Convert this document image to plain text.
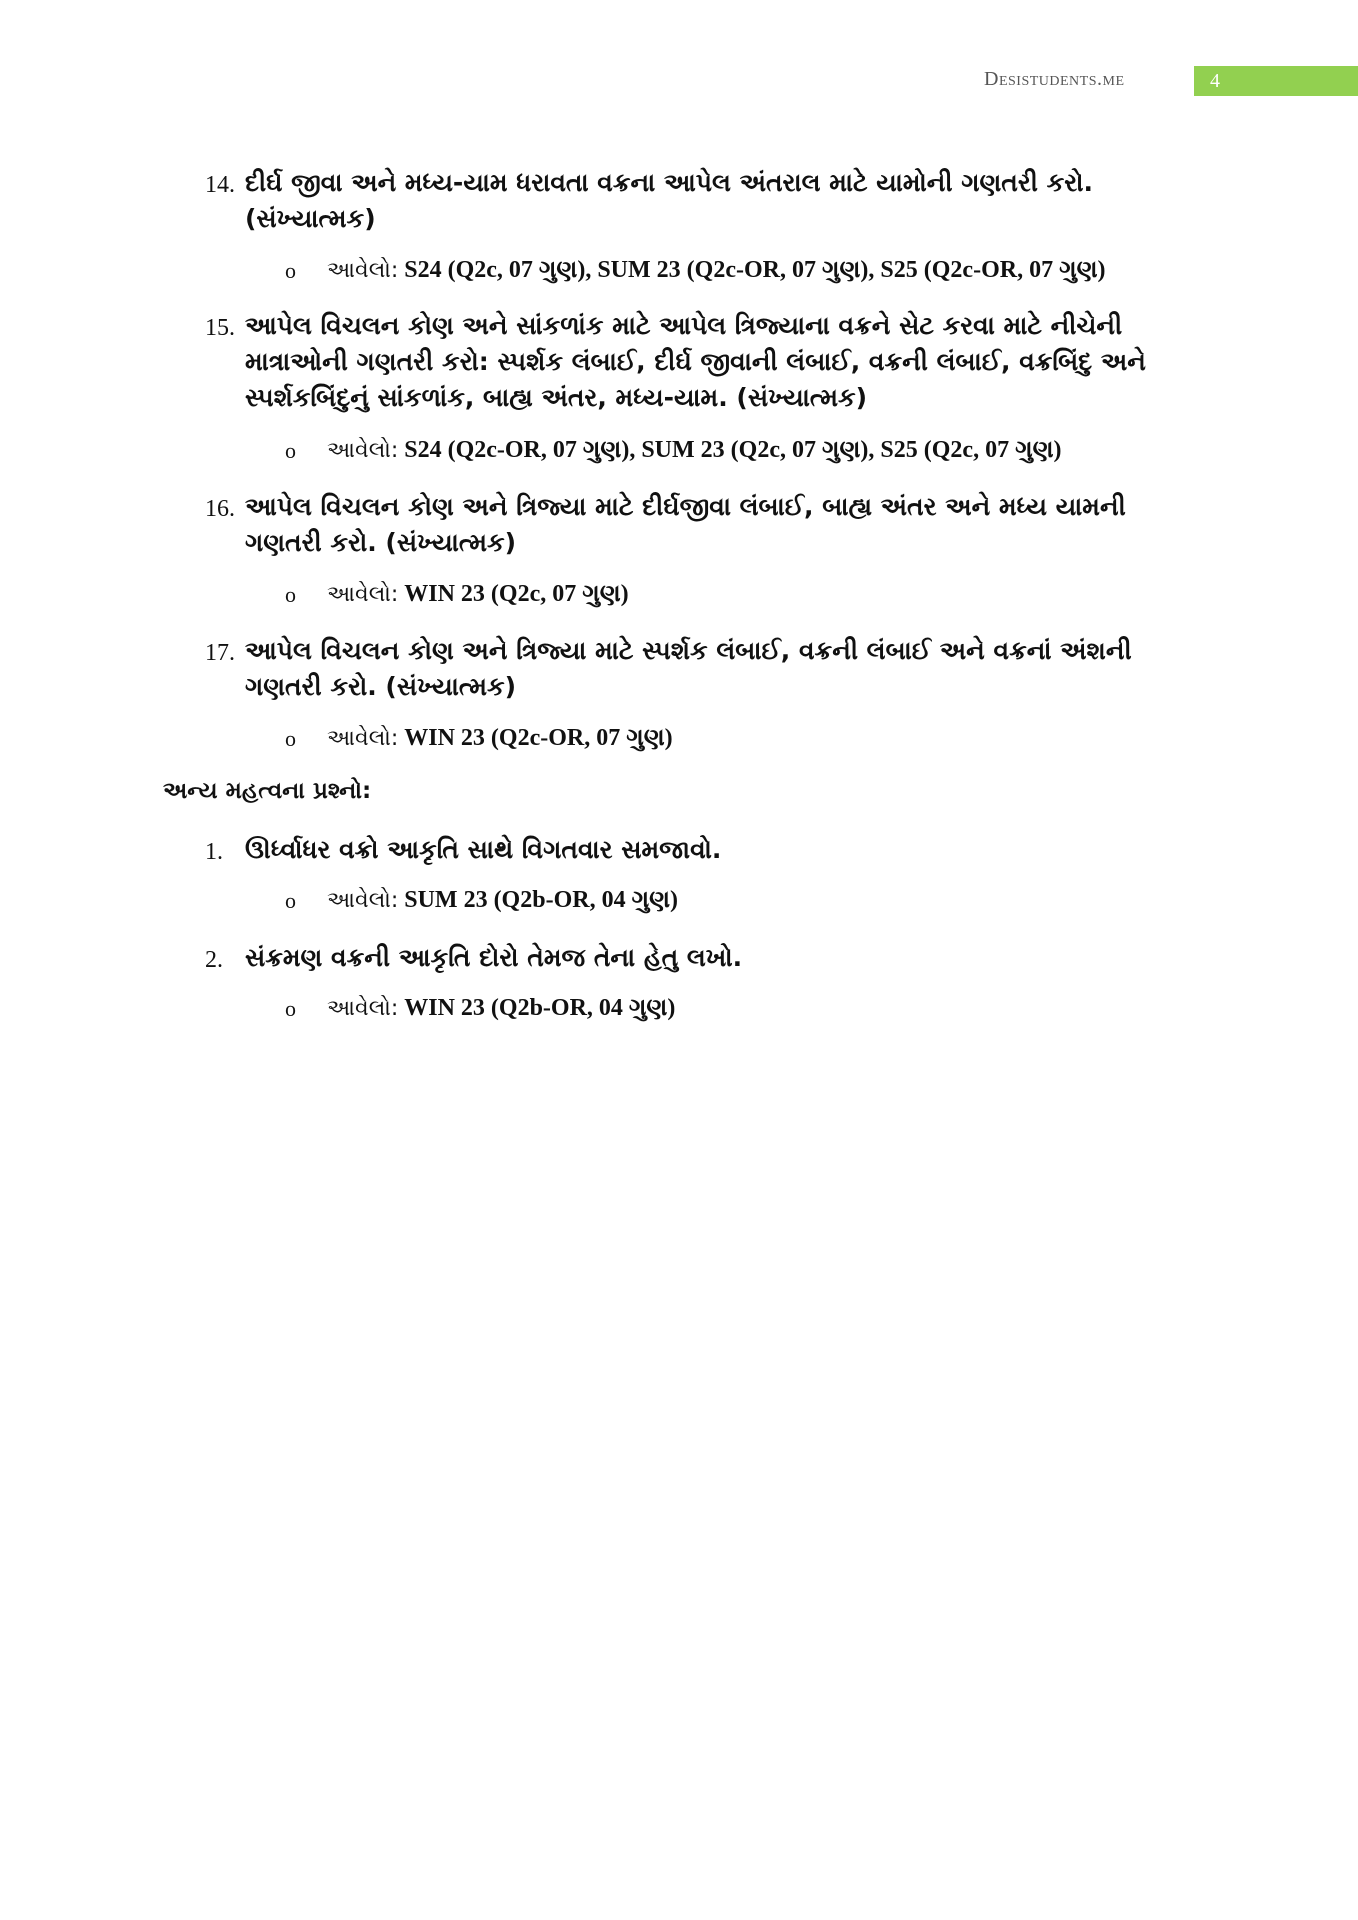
Desistudents.me	4
14. દીર્ઘ જીવા અને મધ્ય-યામ ધરાવતા વક્રના આપેલ અંતરાલ માટે યામોની ગણતરી કરો. (સંખ્યાત્મક)
o આવેલો: S24 (Q2c, 07 ગુણ), SUM 23 (Q2c-OR, 07 ગુણ), S25 (Q2c-OR, 07 ગુણ)
15. આપેલ વિચલન કોણ અને સાંકળાંક માટે આપેલ ત્રિજ્યાના વક્રને સેટ કરવા માટે નીચેની માત્રાઓની ગણતરી કરો: સ્પર્શક લંબાઈ, દીર્ઘ જીવાની લંબાઈ, વક્રની લંબાઈ, વક્રબિંદુ અને સ્પર્શકબિંદુનું સાંકળાંક, બાહ્ય અંતર, મધ્ય-યામ. (સંખ્યાત્મક)
o આવેલો: S24 (Q2c-OR, 07 ગુણ), SUM 23 (Q2c, 07 ગુણ), S25 (Q2c, 07 ગુણ)
16. આપેલ વિચલન કોણ અને ત્રિજ્યા માટે દીર્ઘજીવા લંબાઈ, બાહ્ય અંતર અને મધ્ય યામની ગણતરી કરો. (સંખ્યાત્મક)
o આવેલો: WIN 23 (Q2c, 07 ગુણ)
17. આપેલ વિચલન કોણ અને ત્રિજ્યા માટે સ્પર્શક લંબાઈ, વક્રની લંબાઈ અને વક્રનાં અંશની ગણતરી કરો. (સંખ્યાત્મક)
o આવેલો: WIN 23 (Q2c-OR, 07 ગુણ)
અન્ય મહત્વના પ્રશ્નો:
1. ઊર્ધ્વાધર વક્રો આકૃતિ સાથે વિગતવાર સમજાવો.
o આવેલો: SUM 23 (Q2b-OR, 04 ગુણ)
2. સંક્રમણ વક્રની આકૃતિ દોરો તેમજ તેના હેતુ લખો.
o આવેલો: WIN 23 (Q2b-OR, 04 ગુણ)
